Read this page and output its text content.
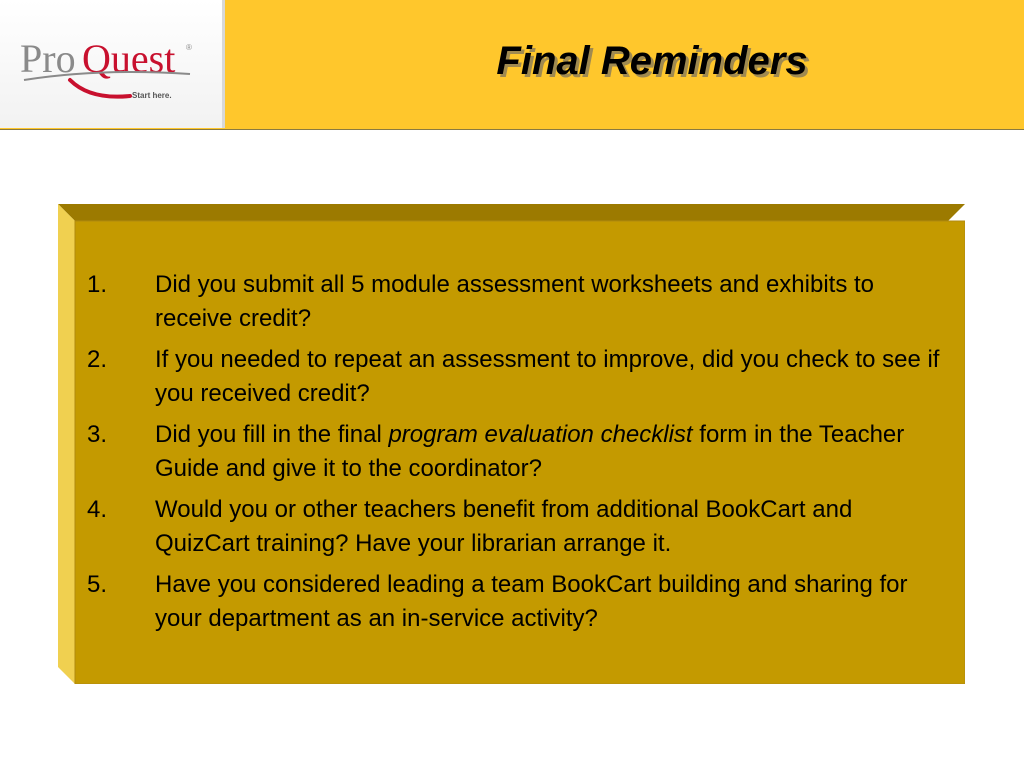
Pro Quest ®
Start here.
Final Reminders
1. Did you submit all 5 module assessment worksheets and exhibits to receive credit?
2. If you needed to repeat an assessment to improve, did you check to see if you received credit?
3. Did you fill in the final program evaluation checklist form in the Teacher Guide and give it to the coordinator?
4. Would you or other teachers benefit from additional BookCart and QuizCart training? Have your librarian arrange it.
5. Have you considered leading a team BookCart building and sharing for your department as an in-service activity?
